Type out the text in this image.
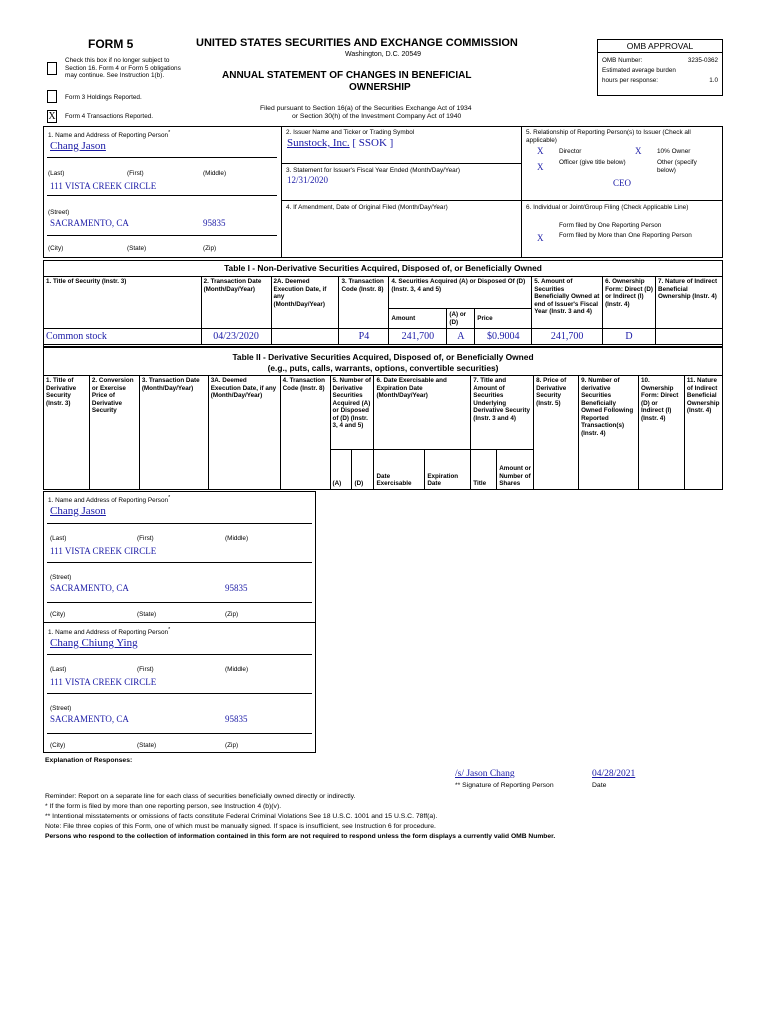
FORM 5	UNITED STATES SECURITIES AND EXCHANGE COMMISSION
Washington, D.C. 20549
Check this box if no longer subject to Section 16. Form 4 or Form 5 obligations may continue. See Instruction 1(b).	ANNUAL STATEMENT OF CHANGES IN BENEFICIAL
OWNERSHIP
Form 3 Holdings Reported.
X Form 4 Transactions Reported.
Filed pursuant to Section 16(a) of the Securities Exchange Act of 1934
or Section 30(h) of the Investment Company Act of 1940
OMB APPROVAL
OMB Number:	3235-0362
Estimated average burden
hours per response:	1.0
1. Name and Address of Reporting Person*
Chang Jason
(Last)	(First)	(Middle)
111 VISTA CREEK CIRCLE
(Street)
SACRAMENTO, CA	95835
(City)	(State)	(Zip)
2. Issuer Name and Ticker or Trading Symbol
Sunstock, Inc. [ SSOK ]
3. Statement for Issuer's Fiscal Year Ended (Month/Day/Year)
12/31/2020
4. If Amendment, Date of Original Filed (Month/Day/Year)
5. Relationship of Reporting Person(s) to Issuer (Check all applicable)
X Director	X 10% Owner
X Officer (give title below)	Other (specify below)
CEO
6. Individual or Joint/Group Filing (Check Applicable Line)
Form filed by One Reporting Person
X Form filed by More than One Reporting Person
Table I - Non-Derivative Securities Acquired, Disposed of, or Beneficially Owned
1. Title of Security (Instr. 3)	2. Transaction Date (Month/Day/Year)	2A. Deemed Execution Date, if any (Month/Day/Year)	3. Transaction Code (Instr. 8)	4. Securities Acquired (A) or Disposed Of (D) (Instr. 3, 4 and 5)			5. Amount of Securities Beneficially Owned at end of Issuer's Fiscal Year (Instr. 3 and 4)	6. Ownership Form: Direct (D) or Indirect (I) (Instr. 4)	7. Nature of Indirect Beneficial Ownership (Instr. 4)
				Amount	(A) or (D)	Price			
Common stock	04/23/2020		P4	241,700	A	$0.9004	241,700	D	
Table II - Derivative Securities Acquired, Disposed of, or Beneficially Owned
(e.g., puts, calls, warrants, options, convertible securities)
1. Title of Derivative Security (Instr. 3)	2. Conversion or Exercise Price of Derivative Security	3. Transaction Date (Month/Day/Year)	3A. Deemed Execution Date, if any (Month/Day/Year)	4. Transaction Code (Instr. 8)	5. Number of Derivative Securities Acquired (A) or Disposed of (D) (Instr. 3, 4 and 5)		6. Date Exercisable and Expiration Date (Month/Day/Year)		7. Title and Amount of Securities Underlying Derivative Security (Instr. 3 and 4)		8. Price of Derivative Security (Instr. 5)	9. Number of derivative Securities Beneficially Owned Following Reported Transaction(s) (Instr. 4)	10. Ownership Form: Direct (D) or Indirect (I) (Instr. 4)	11. Nature of Indirect Beneficial Ownership (Instr. 4)
					(A)	(D)	Date Exercisable	Expiration Date	Title	Amount or Number of Shares				
1. Name and Address of Reporting Person*
Chang Jason
(Last)	(First)	(Middle)
111 VISTA CREEK CIRCLE
(Street)
SACRAMENTO, CA	95835
(City)	(State)	(Zip)
1. Name and Address of Reporting Person*
Chang Chiung Ying
(Last)	(First)	(Middle)
111 VISTA CREEK CIRCLE
(Street)
SACRAMENTO, CA	95835
(City)	(State)	(Zip)
Explanation of Responses:
/s/ Jason Chang	04/28/2021
** Signature of Reporting Person	Date
Reminder: Report on a separate line for each class of securities beneficially owned directly or indirectly.
* If the form is filed by more than one reporting person, see Instruction 4 (b)(v).
** Intentional misstatements or omissions of facts constitute Federal Criminal Violations See 18 U.S.C. 1001 and 15 U.S.C. 78ff(a).
Note: File three copies of this Form, one of which must be manually signed. If space is insufficient, see Instruction 6 for procedure.
Persons who respond to the collection of information contained in this form are not required to respond unless the form displays a currently valid OMB Number.
